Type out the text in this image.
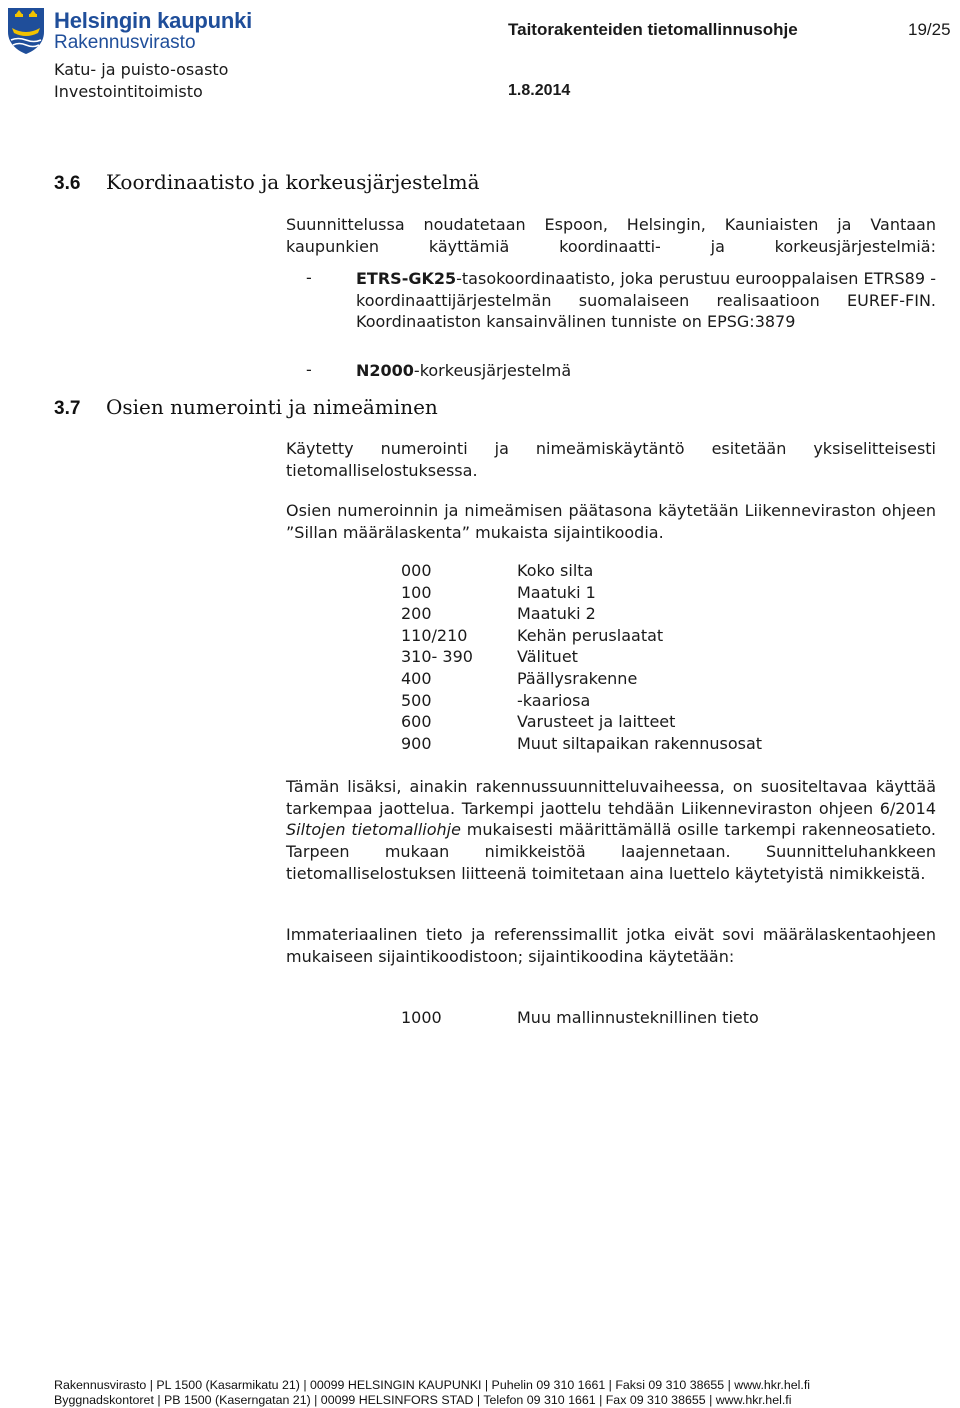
Helsingin kaupunki
Rakennusvirasto
Taitorakenteiden tietomallinnusohje	19/25
Katu- ja puisto-osasto
Investointitoimisto	1.8.2014
3.6 Koordinaatisto ja korkeusjärjestelmä
Suunnittelussa noudatetaan Espoon, Helsingin, Kauniaisten ja Vantaan kaupunkien käyttämiä koordinaatti- ja korkeusjärjestelmiä:
-	ETRS-GK25-tasokoordinaatisto, joka perustuu eurooppalaisen ETRS89 -koordinaattijärjestelmän suomalaiseen realisaatioon EUREF-FIN. Koordinaatiston kansainvälinen tunniste on EPSG:3879
-	N2000-korkeusjärjestelmä
3.7 Osien numerointi ja nimeäminen
Käytetty numerointi ja nimeämiskäytäntö esitetään yksiselitteisesti tietomalliselostuksessa.
Osien numeroinnin ja nimeämisen päätasona käytetään Liikenneviraston ohjeen ”Sillan määrälaskenta” mukaista sijaintikoodia.
000	Koko silta
100	Maatuki 1
200	Maatuki 2
110/210	Kehän peruslaatat
310- 390	Välituet
400	Päällysrakenne
500	-kaariosa
600	Varusteet ja laitteet
900	Muut siltapaikan rakennusosat
Tämän lisäksi, ainakin rakennussuunnitteluvaiheessa, on suositeltavaa käyttää tarkempaa jaottelua. Tarkempi jaottelu tehdään Liikenneviraston ohjeen 6/2014 Siltojen tietomalliohje mukaisesti määrittämällä osille tarkempi rakenneosatieto. Tarpeen mukaan nimikkeistöä laajennetaan. Suunnitteluhankkeen tietomalliselostuksen liitteenä toimitetaan aina luettelo käytetyistä nimikkeistä.
Immateriaalinen tieto ja referenssimallit jotka eivät sovi määrälaskentaohjeen mukaiseen sijaintikoodistoon; sijaintikoodina käytetään:
1000	Muu mallinnusteknillinen tieto
Rakennusvirasto | PL 1500 (Kasarmikatu 21) | 00099 HELSINGIN KAUPUNKI | Puhelin 09 310 1661 | Faksi 09 310 38655 | www.hkr.hel.fi
Byggnadskontoret | PB 1500 (Kaserngatan 21) | 00099 HELSINFORS STAD | Telefon 09 310 1661 | Fax 09 310 38655 | www.hkr.hel.fi
